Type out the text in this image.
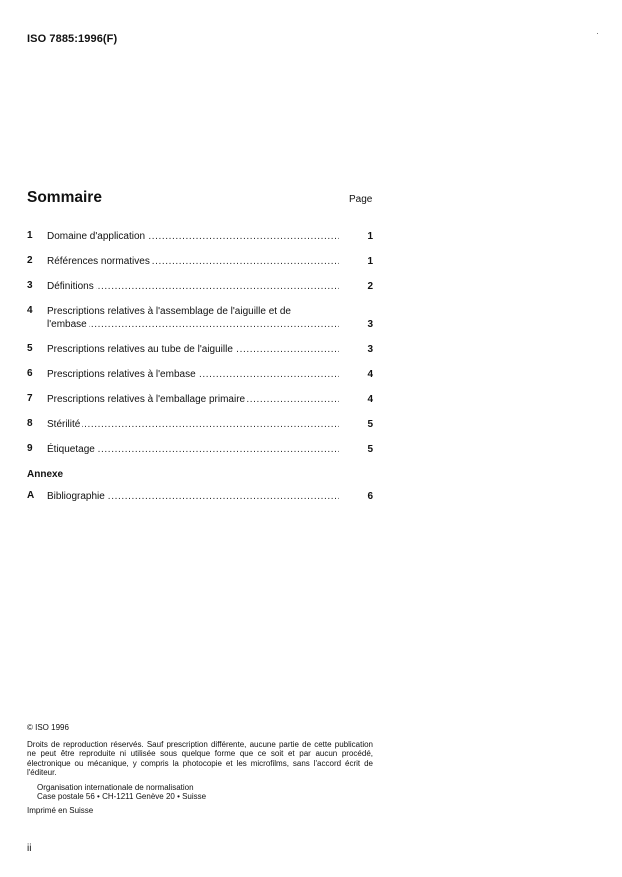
ISO 7885:1996(F)
Sommaire	Page
1	Domaine d'application .....	1
2	Références normatives .....	1
3	Définitions .....	2
4	Prescriptions relatives à l'assemblage de l'aiguille et de
l'embase .....	3
5	Prescriptions relatives au tube de l'aiguille .....	3
6	Prescriptions relatives à l'embase .....	4
7	Prescriptions relatives à l'emballage primaire .....	4
8	Stérilité .....	5
9	Étiquetage .....	5
A	Bibliographie .....	6
Annexe
© ISO 1996
Droits de reproduction réservés. Sauf prescription différente, aucune partie de cette publication ne peut être reproduite ni utilisée sous quelque forme que ce soit et par aucun procédé, électronique ou mécanique, y compris la photocopie et les microfilms, sans l'accord écrit de l'éditeur.
Organisation internationale de normalisation
Case postale 56 • CH-1211 Genève 20 • Suisse
Imprimé en Suisse
ii
